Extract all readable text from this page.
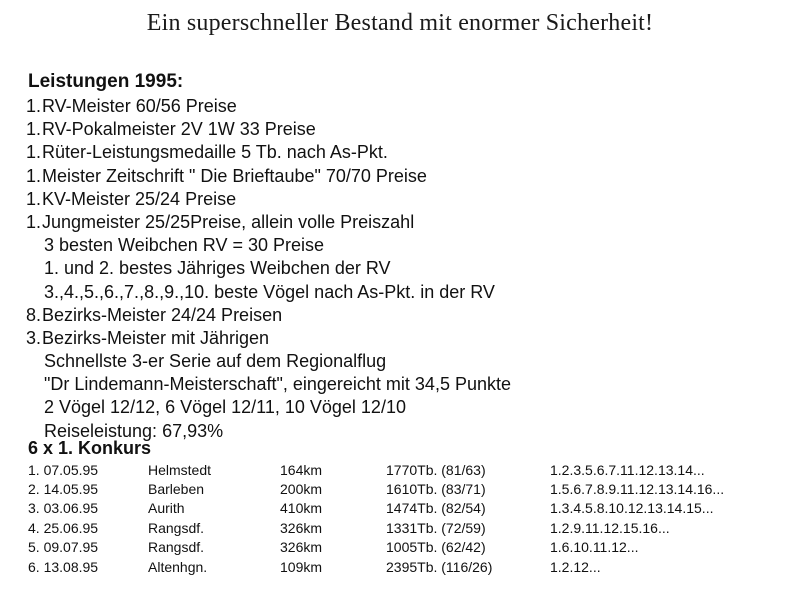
Ein superschneller Bestand mit enormer Sicherheit!
Leistungen 1995:
1.RV-Meister 60/56 Preise
1.RV-Pokalmeister 2V 1W 33 Preise
1.Rüter-Leistungsmedaille 5 Tb. nach As-Pkt.
1.Meister Zeitschrift " Die Brieftaube" 70/70 Preise
1.KV-Meister 25/24 Preise
1.Jungmeister 25/25Preise, allein volle Preiszahl
3 besten Weibchen RV = 30 Preise
1. und 2. bestes Jähriges Weibchen der RV
3.,4.,5.,6.,7.,8.,9.,10. beste Vögel nach As-Pkt. in der RV
8.Bezirks-Meister 24/24 Preisen
3.Bezirks-Meister mit Jährigen
Schnellste 3-er Serie auf dem Regionalflug
"Dr Lindemann-Meisterschaft", eingereicht mit 34,5 Punkte
2 Vögel 12/12, 6 Vögel 12/11, 10 Vögel 12/10
Reiseleistung: 67,93%
6 x 1. Konkurs
1. 07.05.95	Helmstedt	164km	1770Tb. (81/63)	1.2.3.5.6.7.11.12.13.14...
2. 14.05.95	Barleben	200km	1610Tb. (83/71)	1.5.6.7.8.9.11.12.13.14.16...
3. 03.06.95	Aurith	410km	1474Tb. (82/54)	1.3.4.5.8.10.12.13.14.15...
4. 25.06.95	Rangsdf.	326km	1331Tb. (72/59)	1.2.9.11.12.15.16...
5. 09.07.95	Rangsdf.	326km	1005Tb. (62/42)	1.6.10.11.12...
6. 13.08.95	Altenhgn.	109km	2395Tb. (116/26)	1.2.12...
